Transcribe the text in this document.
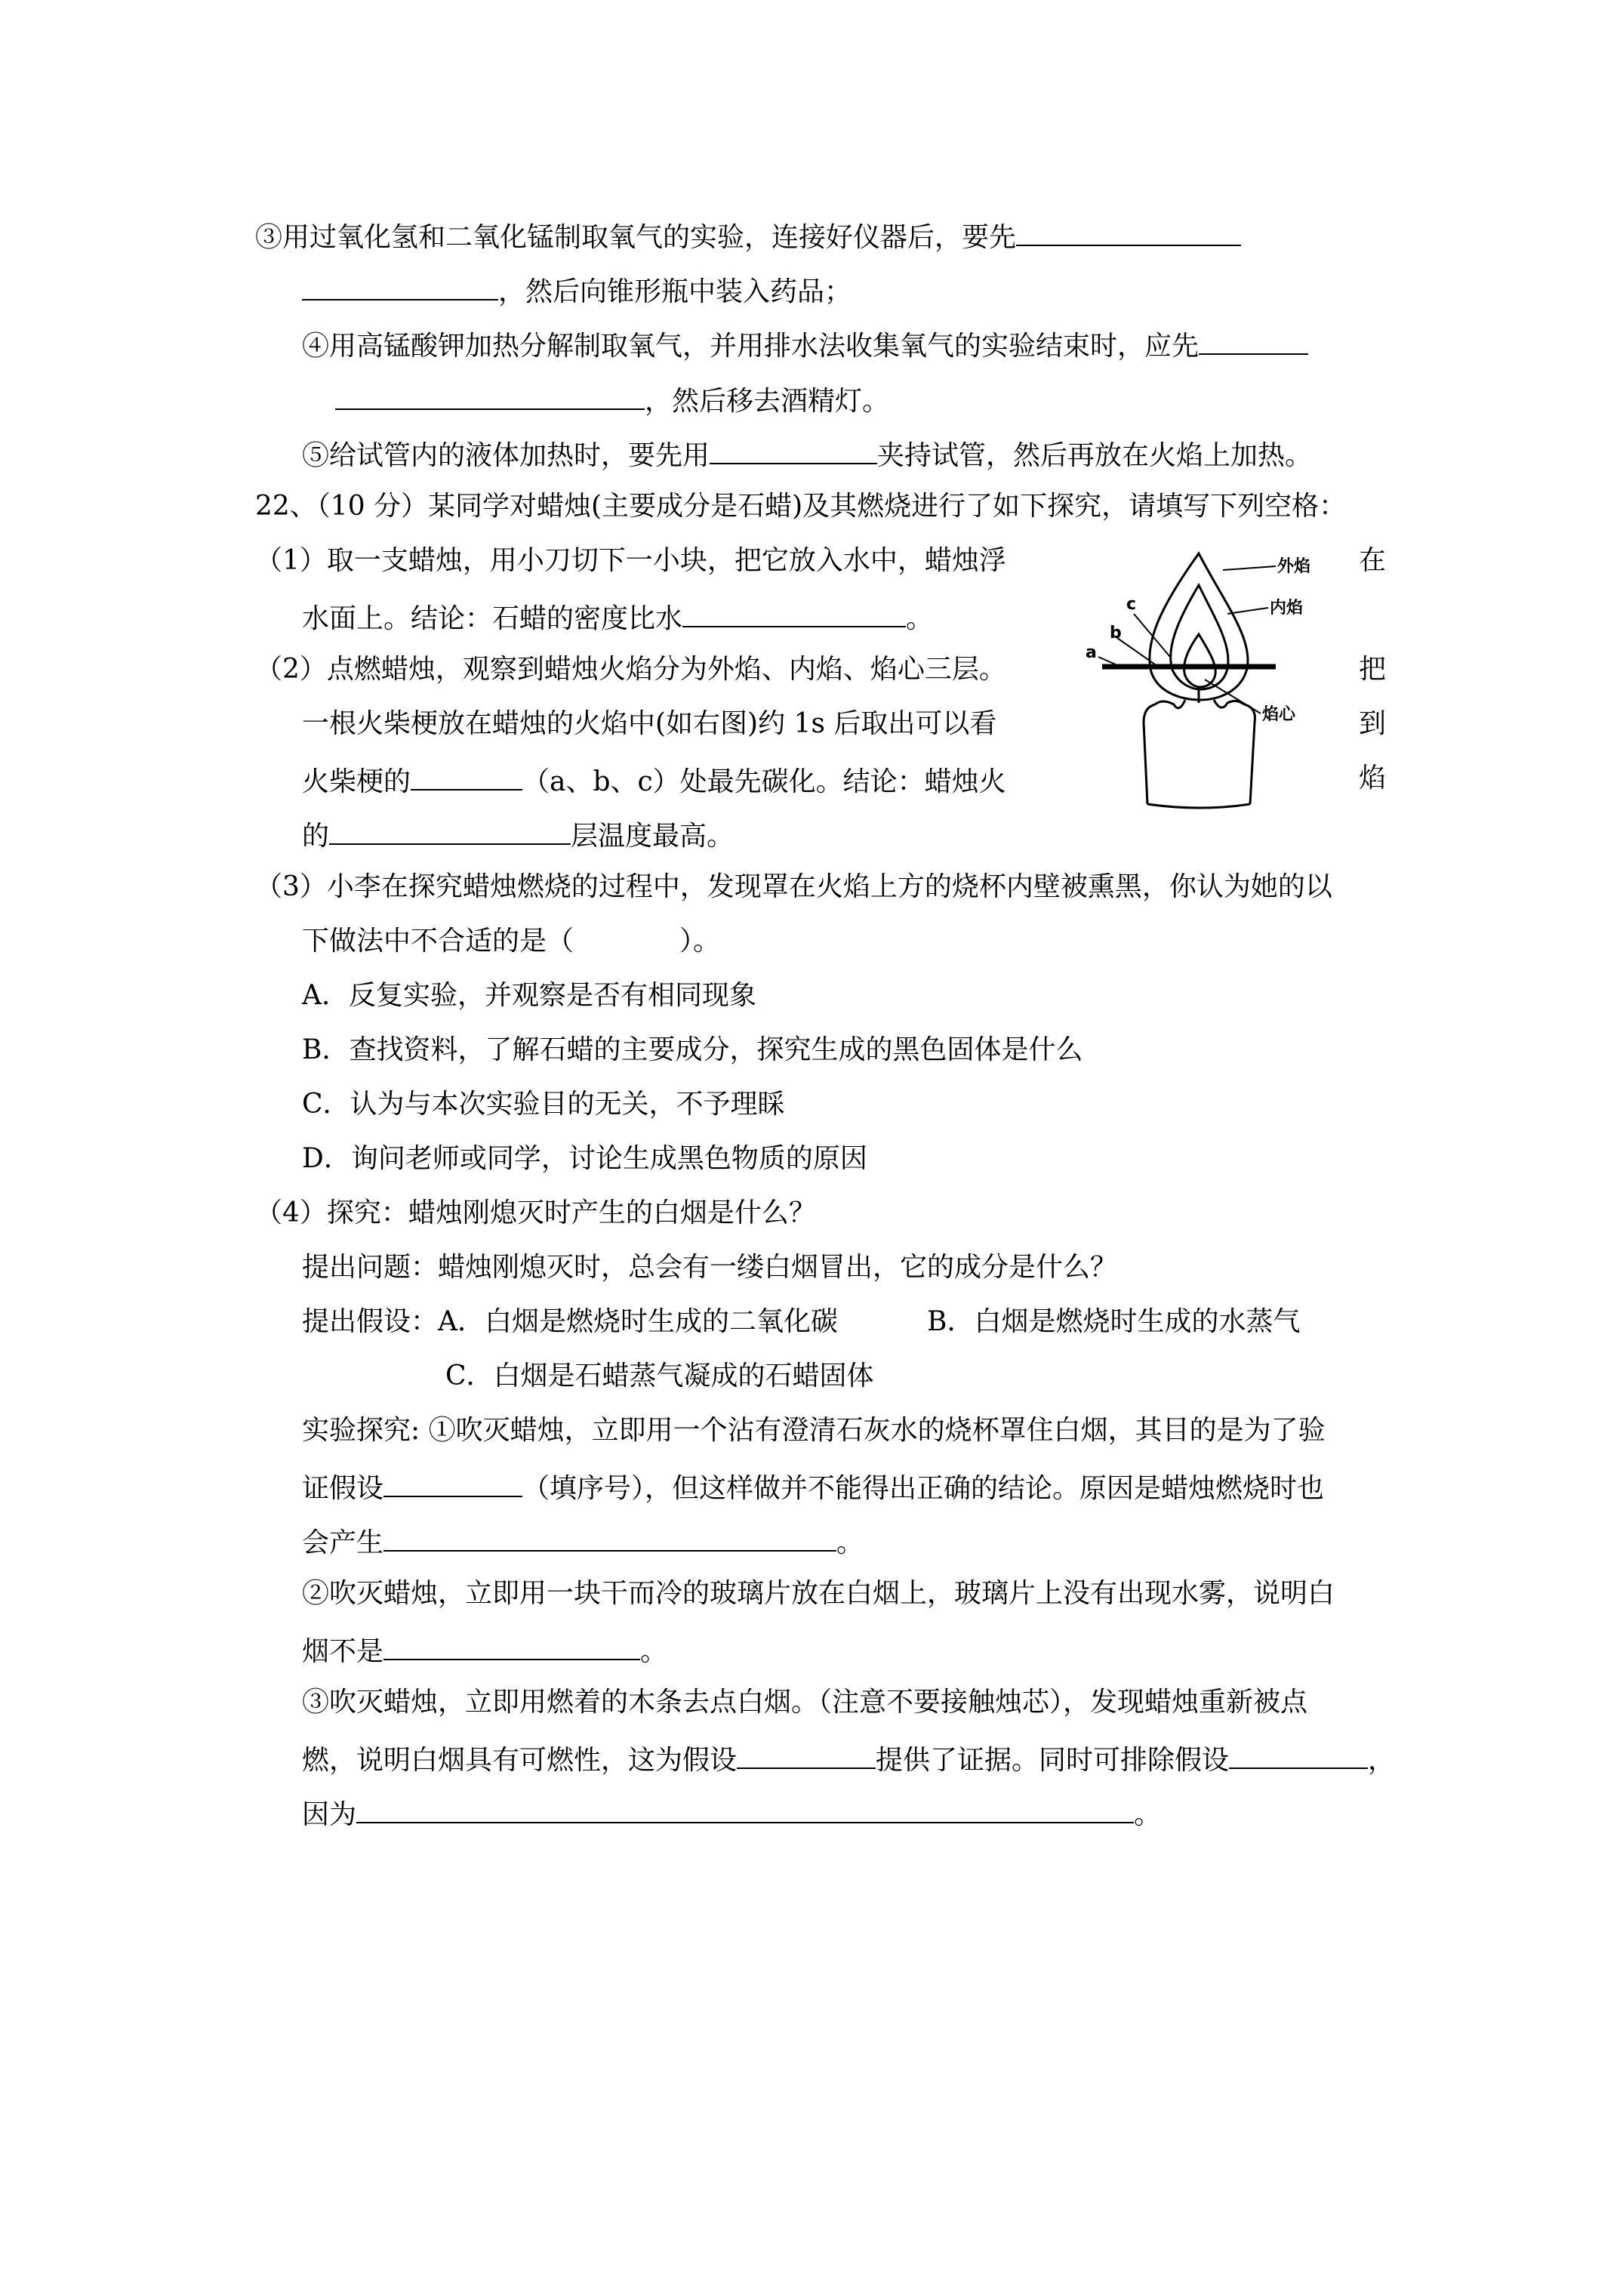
③用过氧化氢和二氧化锰制取氧气的实验，连接好仪器后，要先
，然后向锥形瓶中装入药品；
④用高锰酸钾加热分解制取氧气，并用排水法收集氧气的实验结束时，应先
，然后移去酒精灯。
⑤给试管内的液体加热时，要先用	夹持试管，然后再放在火焰上加热。
22、（10 分）某同学对蜡烛(主要成分是石蜡)及其燃烧进行了如下探究，请填写下列空格：
（1）取一支蜡烛，用小刀切下一小块，把它放入水中，蜡烛浮	在
水面上。结论：石蜡的密度比水	。
（2）点燃蜡烛，观察到蜡烛火焰分为外焰、内焰、焰心三层。	把
一根火柴梗放在蜡烛的火焰中(如右图)约 1s 后取出可以看	到
火柴梗的	（a、b、c）处最先碳化。结论：蜡烛火	焰
的	层温度最高。
外焰
内焰
焰心
c
b
a
（3）小李在探究蜡烛燃烧的过程中，发现罩在火焰上方的烧杯内壁被熏黑，你认为她的以
下做法中不合适的是（	）。
A．反复实验，并观察是否有相同现象
B．查找资料，了解石蜡的主要成分，探究生成的黑色固体是什么
C．认为与本次实验目的无关，不予理睬
D．询问老师或同学，讨论生成黑色物质的原因
（4）探究：蜡烛刚熄灭时产生的白烟是什么？
提出问题：蜡烛刚熄灭时，总会有一缕白烟冒出，它的成分是什么？
提出假设：A．白烟是燃烧时生成的二氧化碳	B．白烟是燃烧时生成的水蒸气
C．白烟是石蜡蒸气凝成的石蜡固体
实验探究: ①吹灭蜡烛，立即用一个沾有澄清石灰水的烧杯罩住白烟，其目的是为了验
证假设	（填序号），但这样做并不能得出正确的结论。原因是蜡烛燃烧时也
会产生	。
②吹灭蜡烛，立即用一块干而冷的玻璃片放在白烟上，玻璃片上没有出现水雾，说明白
烟不是	。
③吹灭蜡烛，立即用燃着的木条去点白烟。（注意不要接触烛芯），发现蜡烛重新被点
燃，说明白烟具有可燃性，这为假设	提供了证据。同时可排除假设	，
因为	。
